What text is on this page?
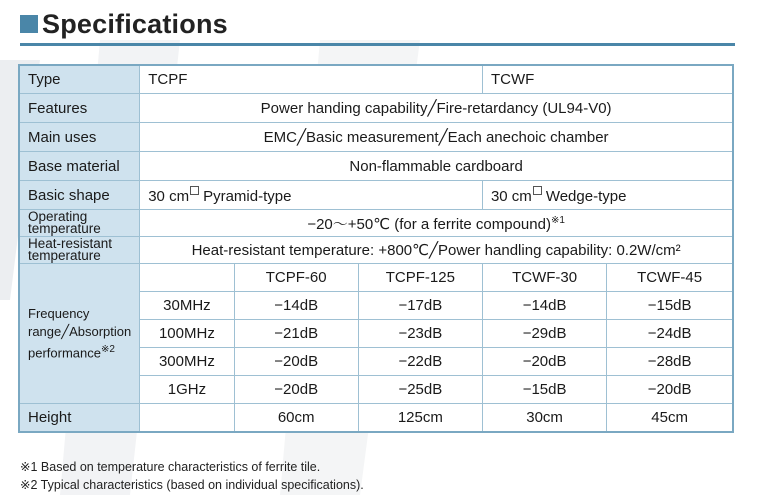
Specifications
Type	TCPF			TCWF	
Features	Power handing capability╱Fire-retardancy (UL94-V0)				
Main uses	EMC╱Basic measurement╱Each anechoic chamber				
Base material	Non-flammable cardboard				
Basic shape	30 cm Pyramid-type			30 cm Wedge-type	
Operating temperature	−20～+50℃ (for a ferrite compound)$^{※1}$
Heat-resistant temperature	Heat-resistant temperature: +800℃╱Power handling capability: 0.2W/cm²				
Frequency range╱Absorption performance$^{※2}$		TCPF-60	TCPF-125	TCWF-30	TCWF-45
	30MHz	−14dB	−17dB	−14dB	−15dB
	100MHz	−21dB	−23dB	−29dB	−24dB
	300MHz	−20dB	−22dB	−20dB	−28dB
	1GHz	−20dB	−25dB	−15dB	−20dB
Height		60cm	125cm	30cm	45cm
※1 Based on temperature characteristics of ferrite tile.
※2 Typical characteristics (based on individual specifications).
